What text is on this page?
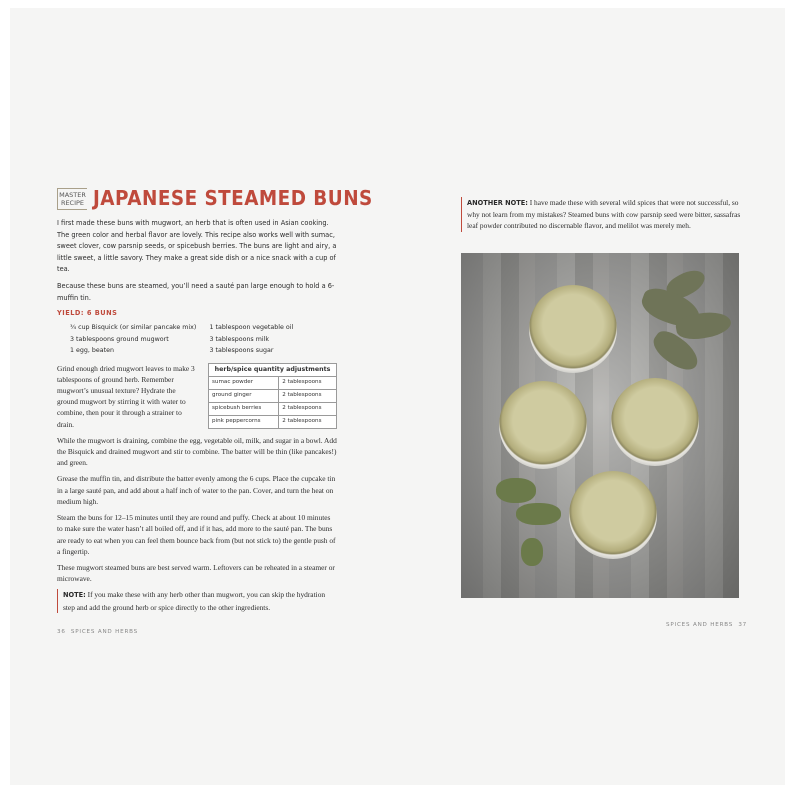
MASTER
RECIPE JAPANESE STEAMED BUNS

I first made these buns with mugwort, an herb that is often used in Asian cooking. The green color and herbal flavor are lovely. This recipe also works well with sumac, sweet clover, cow parsnip seeds, or spicebush berries. The buns are light and airy, a little sweet, a little savory. They make a great side dish or a nice snack with a cup of tea.

Because these buns are steamed, you’ll need a sauté pan large enough to hold a 6-muffin tin.

YIELD: 6 BUNS
¾ cup Bisquick (or similar pancake mix)
3 tablespoons ground mugwort
1 egg, beaten
1 tablespoon vegetable oil
3 tablespoons milk
3 tablespoons sugar
herb/spice quantity adjustments	
sumac powder	2 tablespoons
ground ginger	2 tablespoons
spicebush berries	2 tablespoons
pink peppercorns	2 tablespoons

Grind enough dried mugwort leaves to make 3 tablespoons of ground herb. Remember mugwort’s unusual texture? Hydrate the ground mugwort by stirring it with water to combine, then pour it through a strainer to drain.

While the mugwort is draining, combine the egg, vegetable oil, milk, and sugar in a bowl. Add the Bisquick and drained mugwort and stir to combine. The batter will be thin (like pancakes!) and green.

Grease the muffin tin, and distribute the batter evenly among the 6 cups. Place the cupcake tin in a large sauté pan, and add about a half inch of water to the pan. Cover, and turn the heat on medium high.

Steam the buns for 12–15 minutes until they are round and puffy. Check at about 10 minutes to make sure the water hasn’t all boiled off, and if it has, add more to the sauté pan. The buns are ready to eat when you can feel them bounce back from (but not stick to) the gentle push of a fingertip.

These mugwort steamed buns are best served warm. Leftovers can be reheated in a steamer or microwave.

NOTE: If you make these with any herb other than mugwort, you can skip the hydration step and add the ground herb or spice directly to the other ingredients.
36 SPICES AND HERBS
ANOTHER NOTE: I have made these with several wild spices that were not successful, so why not learn from my mistakes? Steamed buns with cow parsnip seed were bitter, sassafras leaf powder contributed no discernable flavor, and melilot was merely meh.
SPICES AND HERBS 37
